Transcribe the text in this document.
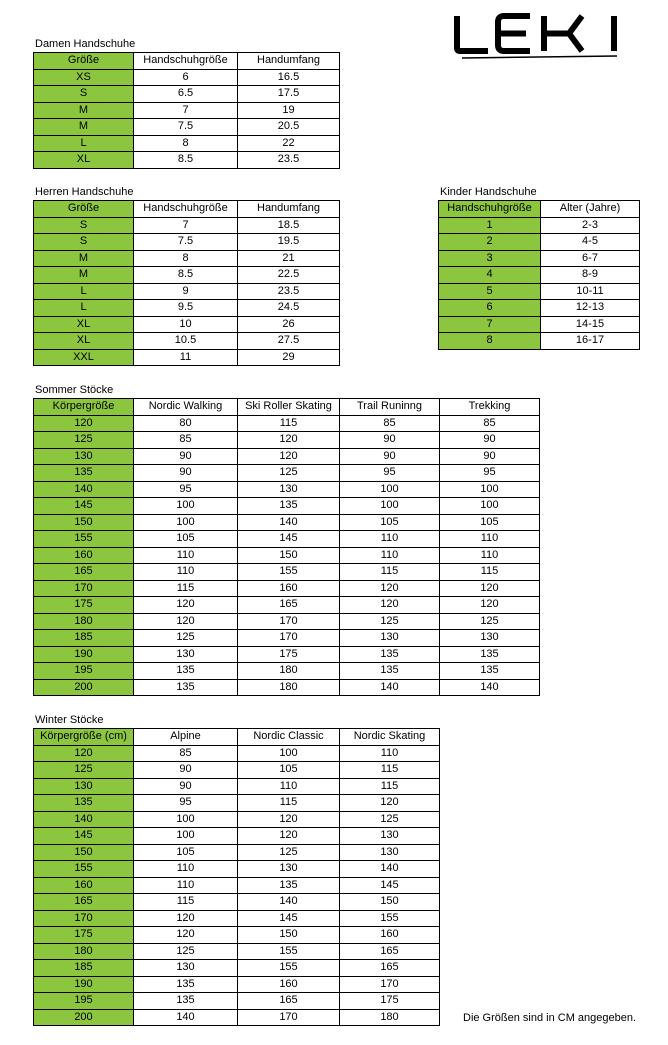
LEKI
Damen Handschuhe
Größe	Handschuhgröße	Handumfang
XS	6	16.5
S	6.5	17.5
M	7	19
M	7.5	20.5
L	8	22
XL	8.5	23.5
Herren Handschuhe
Größe	Handschuhgröße	Handumfang
S	7	18.5
S	7.5	19.5
M	8	21
M	8.5	22.5
L	9	23.5
L	9.5	24.5
XL	10	26
XL	10.5	27.5
XXL	11	29
Kinder Handschuhe
Handschuhgröße	Alter (Jahre)
1	2-3
2	4-5
3	6-7
4	8-9
5	10-11
6	12-13
7	14-15
8	16-17
Sommer Stöcke
Körpergröße	Nordic Walking	Ski Roller Skating	Trail Runinng	Trekking
120	80	115	85	85
125	85	120	90	90
130	90	120	90	90
135	90	125	95	95
140	95	130	100	100
145	100	135	100	100
150	100	140	105	105
155	105	145	110	110
160	110	150	110	110
165	110	155	115	115
170	115	160	120	120
175	120	165	120	120
180	120	170	125	125
185	125	170	130	130
190	130	175	135	135
195	135	180	135	135
200	135	180	140	140
Winter Stöcke
Körpergröße (cm)	Alpine	Nordic Classic	Nordic Skating
120	85	100	110
125	90	105	115
130	90	110	115
135	95	115	120
140	100	120	125
145	100	120	130
150	105	125	130
155	110	130	140
160	110	135	145
165	115	140	150
170	120	145	155
175	120	150	160
180	125	155	165
185	130	155	165
190	135	160	170
195	135	165	175
200	140	170	180	Die Größen sind in CM angegeben.
